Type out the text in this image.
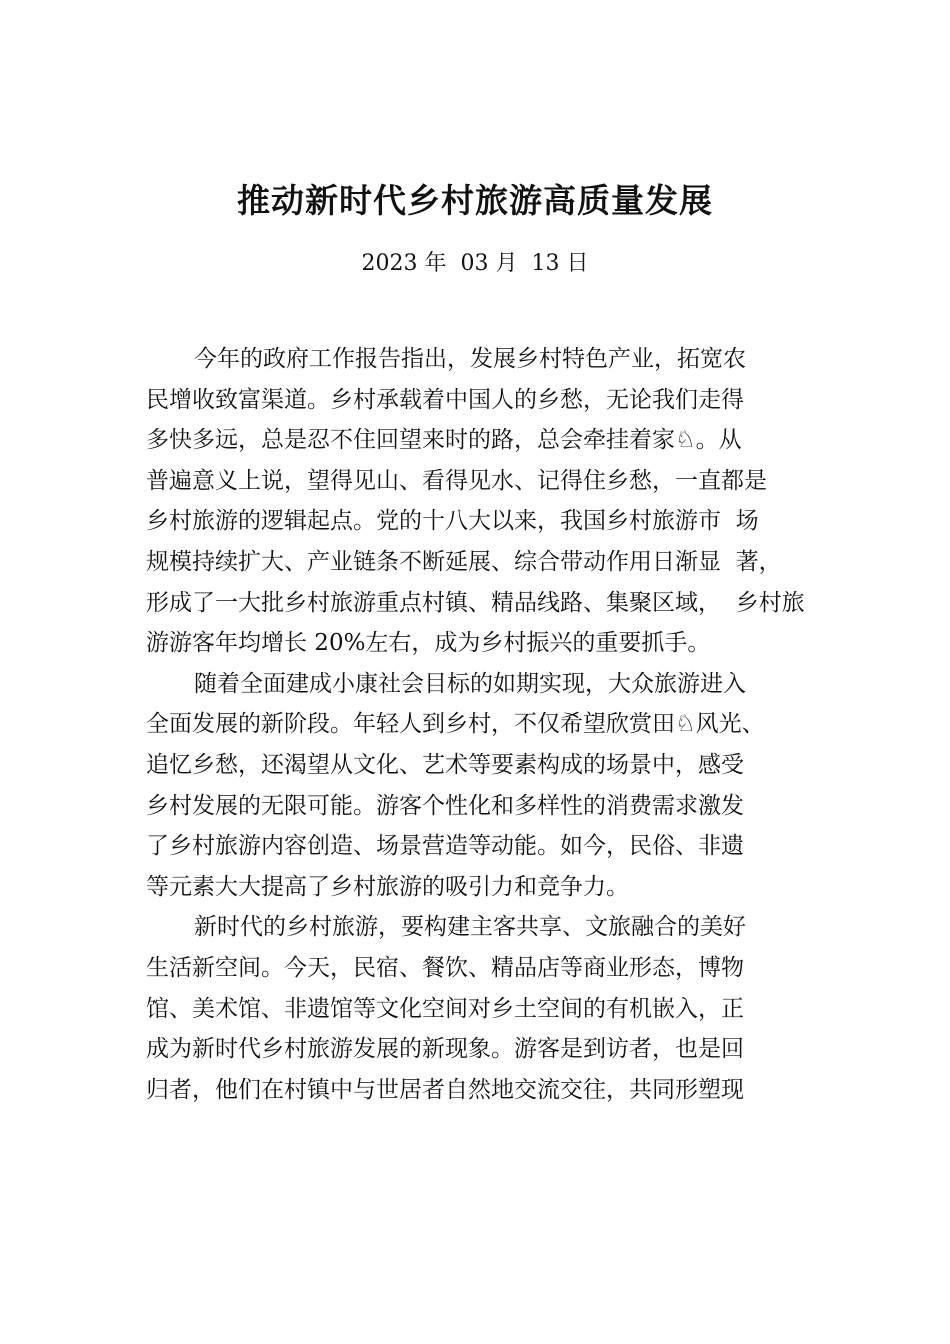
推动新时代乡村旅游高质量发展
2023 年  03 月  13 日
今年的政府工作报告指出，发展乡村特色产业，拓宽农
民增收致富渠道。乡村承载着中国人的乡愁，无论我们走得
多快多远，总是忍不住回望来时的路，总会牵挂着家♘。从
普遍意义上说，望得见山、看得见水、记得住乡愁，一直都是
乡村旅游的逻辑起点。党的十八大以来，我国乡村旅游市  场
规模持续扩大、产业链条不断延展、综合带动作用日渐显  著，
形成了一大批乡村旅游重点村镇、精品线路、集聚区域，  乡村旅
游游客年均增长 20%左右，成为乡村振兴的重要抓手。
随着全面建成小康社会目标的如期实现，大众旅游进入
全面发展的新阶段。年轻人到乡村，不仅希望欣赏田♘风光、
追忆乡愁，还渴望从文化、艺术等要素构成的场景中，感受
乡村发展的无限可能。游客个性化和多样性的消费需求激发
了乡村旅游内容创造、场景营造等动能。如今，民俗、非遗
等元素大大提高了乡村旅游的吸引力和竞争力。
新时代的乡村旅游，要构建主客共享、文旅融合的美好
生活新空间。今天，民宿、餐饮、精品店等商业形态，博物
馆、美术馆、非遗馆等文化空间对乡土空间的有机嵌入，正
成为新时代乡村旅游发展的新现象。游客是到访者，也是回
归者，他们在村镇中与世居者自然地交流交往，共同形塑现
